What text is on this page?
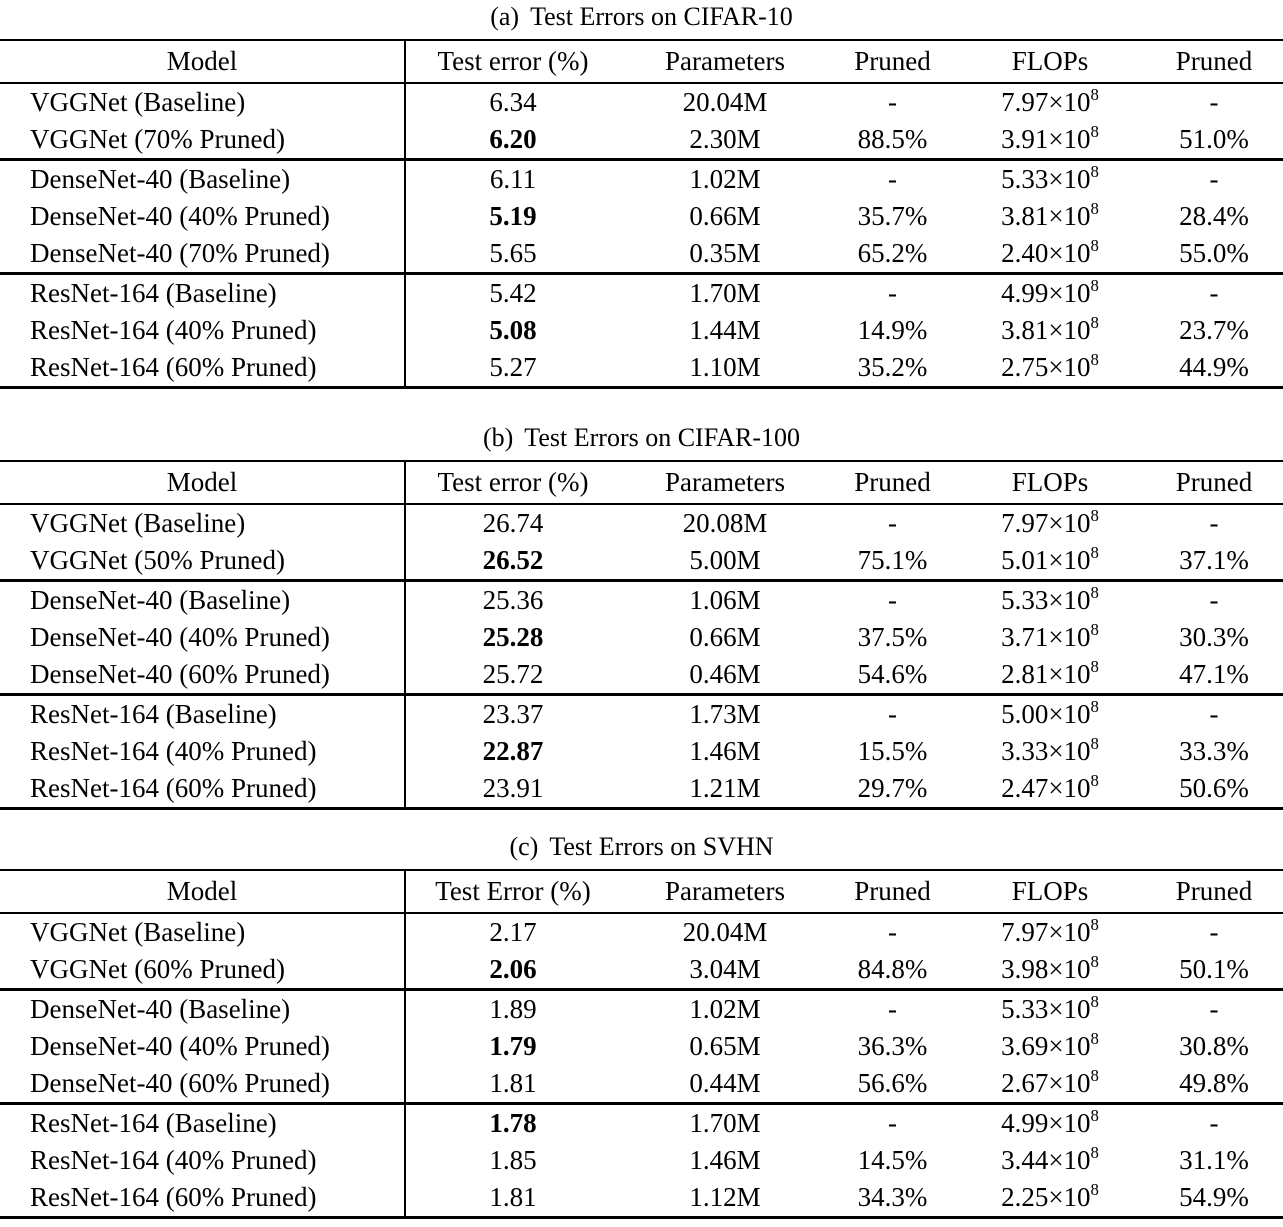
(a) Test Errors on CIFAR-10
Model	Test error (%)	Parameters	Pruned	FLOPs	Pruned
VGGNet (Baseline)	6.34	20.04M	-	$7.97\times 10^8$	-
VGGNet (70% Pruned)	6.20	2.30M	88.5%	$3.91\times 10^8$	51.0%
DenseNet-40 (Baseline)	6.11	1.02M	-	$5.33\times 10^8$	-
DenseNet-40 (40% Pruned)	5.19	0.66M	35.7%	$3.81\times 10^8$	28.4%
DenseNet-40 (70% Pruned)	5.65	0.35M	65.2%	$2.40\times 10^8$	55.0%
ResNet-164 (Baseline)	5.42	1.70M	-	$4.99\times 10^8$	-
ResNet-164 (40% Pruned)	5.08	1.44M	14.9%	$3.81\times 10^8$	23.7%
ResNet-164 (60% Pruned)	5.27	1.10M	35.2%	$2.75\times 10^8$	44.9%
(b) Test Errors on CIFAR-100
Model	Test error (%)	Parameters	Pruned	FLOPs	Pruned
VGGNet (Baseline)	26.74	20.08M	-	$7.97\times 10^8$	-
VGGNet (50% Pruned)	26.52	5.00M	75.1%	$5.01\times 10^8$	37.1%
DenseNet-40 (Baseline)	25.36	1.06M	-	$5.33\times 10^8$	-
DenseNet-40 (40% Pruned)	25.28	0.66M	37.5%	$3.71\times 10^8$	30.3%
DenseNet-40 (60% Pruned)	25.72	0.46M	54.6%	$2.81\times 10^8$	47.1%
ResNet-164 (Baseline)	23.37	1.73M	-	$5.00\times 10^8$	-
ResNet-164 (40% Pruned)	22.87	1.46M	15.5%	$3.33\times 10^8$	33.3%
ResNet-164 (60% Pruned)	23.91	1.21M	29.7%	$2.47\times 10^8$	50.6%
(c) Test Errors on SVHN
Model	Test Error (%)	Parameters	Pruned	FLOPs	Pruned
VGGNet (Baseline)	2.17	20.04M	-	$7.97\times 10^8$	-
VGGNet (60% Pruned)	2.06	3.04M	84.8%	$3.98\times 10^8$	50.1%
DenseNet-40 (Baseline)	1.89	1.02M	-	$5.33\times 10^8$	-
DenseNet-40 (40% Pruned)	1.79	0.65M	36.3%	$3.69\times 10^8$	30.8%
DenseNet-40 (60% Pruned)	1.81	0.44M	56.6%	$2.67\times 10^8$	49.8%
ResNet-164 (Baseline)	1.78	1.70M	-	$4.99\times 10^8$	-
ResNet-164 (40% Pruned)	1.85	1.46M	14.5%	$3.44\times 10^8$	31.1%
ResNet-164 (60% Pruned)	1.81	1.12M	34.3%	$2.25\times 10^8$	54.9%
